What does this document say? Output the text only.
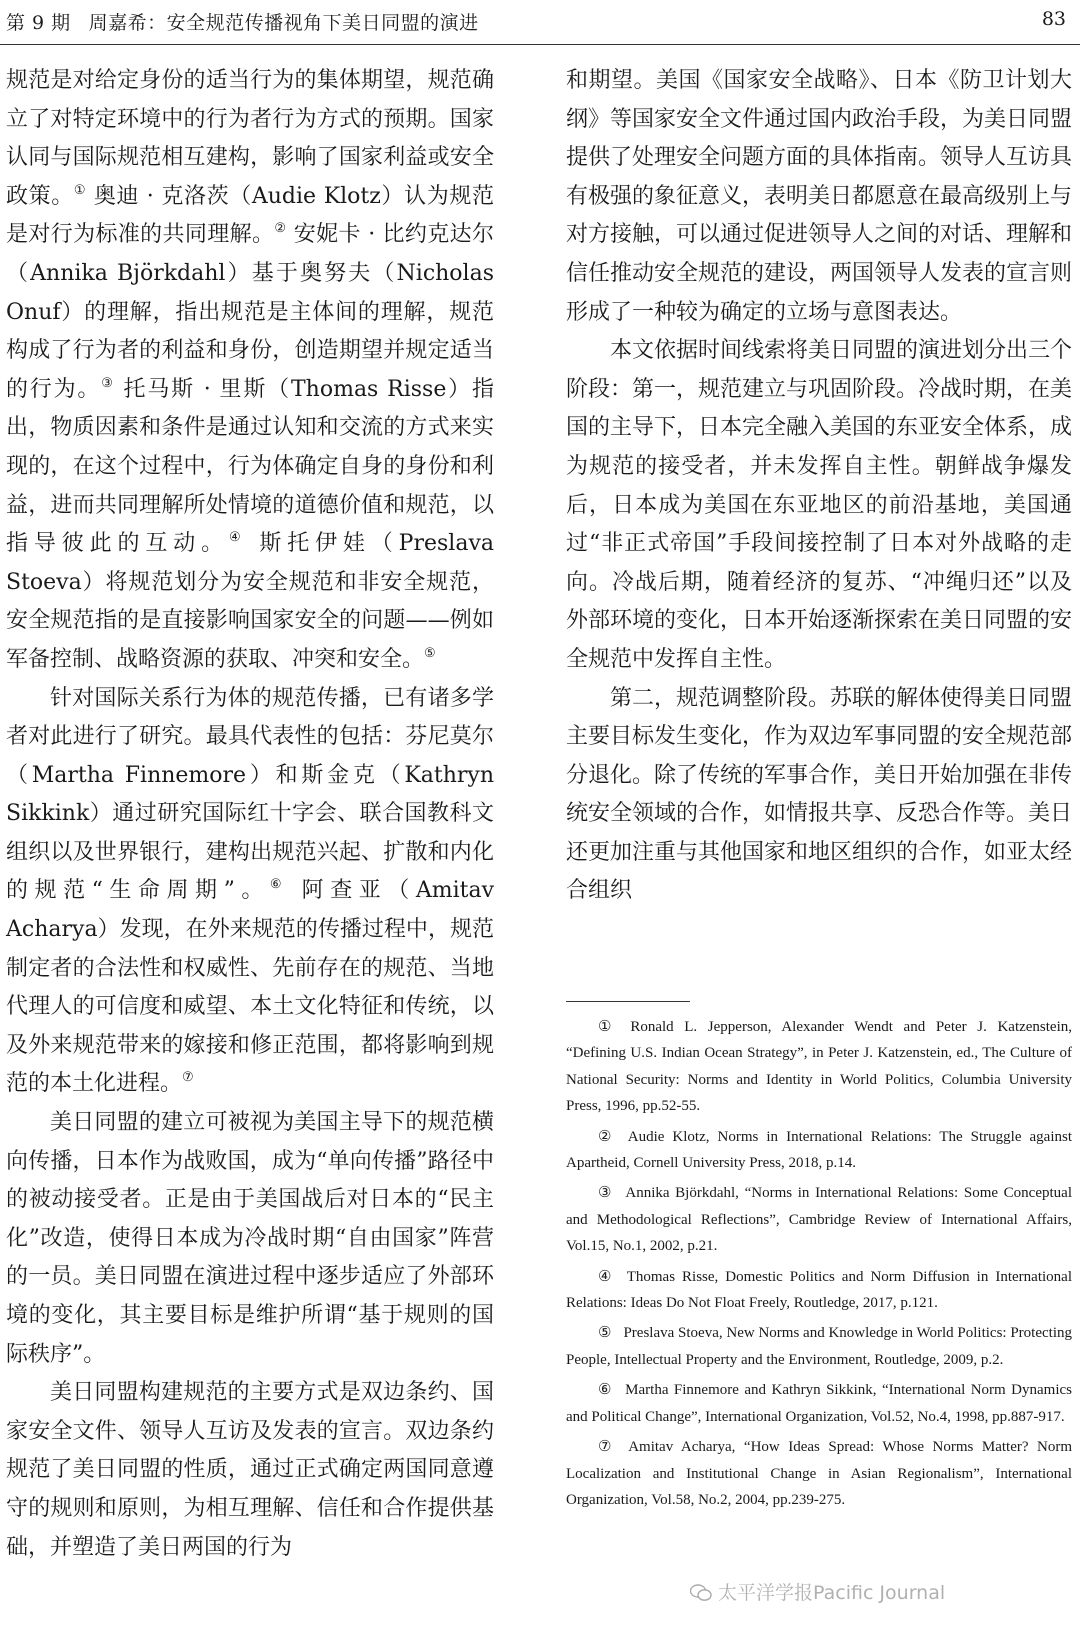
第 9 期 周嘉希：安全规范传播视角下美日同盟的演进	83

规范是对给定身份的适当行为的集体期望，规范确立了对特定环境中的行为者行为方式的预期。国家认同与国际规范相互建构，影响了国家利益或安全政策。① 奥迪 · 克洛茨（Audie Klotz）认为规范是对行为标准的共同理解。② 安妮卡 · 比约克达尔（Annika Björkdahl）基于奥努夫（Nicholas Onuf）的理解，指出规范是主体间的理解，规范构成了行为者的利益和身份，创造期望并规定适当的行为。③ 托马斯 · 里斯（Thomas Risse）指出，物质因素和条件是通过认知和交流的方式来实现的，在这个过程中，行为体确定自身的身份和利益，进而共同理解所处情境的道德价值和规范，以指导彼此的互动。④ 斯托伊娃（Preslava Stoeva）将规范划分为安全规范和非安全规范，安全规范指的是直接影响国家安全的问题——例如军备控制、战略资源的获取、冲突和安全。⑤

针对国际关系行为体的规范传播，已有诸多学者对此进行了研究。最具代表性的包括：芬尼莫尔（Martha Finnemore）和斯金克（Kathryn Sikkink）通过研究国际红十字会、联合国教科文组织以及世界银行，建构出规范兴起、扩散和内化的规范“生命周期”。⑥ 阿查亚（Amitav Acharya）发现，在外来规范的传播过程中，规范制定者的合法性和权威性、先前存在的规范、当地代理人的可信度和威望、本土文化特征和传统，以及外来规范带来的嫁接和修正范围，都将影响到规范的本土化进程。⑦

美日同盟的建立可被视为美国主导下的规范横向传播，日本作为战败国，成为“单向传播”路径中的被动接受者。正是由于美国战后对日本的“民主化”改造，使得日本成为冷战时期“自由国家”阵营的一员。美日同盟在演进过程中逐步适应了外部环境的变化，其主要目标是维护所谓“基于规则的国际秩序”。

美日同盟构建规范的主要方式是双边条约、国家安全文件、领导人互访及发表的宣言。双边条约规范了美日同盟的性质，通过正式确定两国同意遵守的规则和原则，为相互理解、信任和合作提供基础，并塑造了美日两国的行为

和期望。美国《国家安全战略》、日本《防卫计划大纲》等国家安全文件通过国内政治手段，为美日同盟提供了处理安全问题方面的具体指南。领导人互访具有极强的象征意义，表明美日都愿意在最高级别上与对方接触，可以通过促进领导人之间的对话、理解和信任推动安全规范的建设，两国领导人发表的宣言则形成了一种较为确定的立场与意图表达。

本文依据时间线索将美日同盟的演进划分出三个阶段：第一，规范建立与巩固阶段。冷战时期，在美国的主导下，日本完全融入美国的东亚安全体系，成为规范的接受者，并未发挥自主性。朝鲜战争爆发后，日本成为美国在东亚地区的前沿基地，美国通过“非正式帝国”手段间接控制了日本对外战略的走向。冷战后期，随着经济的复苏、“冲绳归还”以及外部环境的变化，日本开始逐渐探索在美日同盟的安全规范中发挥自主性。

第二，规范调整阶段。苏联的解体使得美日同盟主要目标发生变化，作为双边军事同盟的安全规范部分退化。除了传统的军事合作，美日开始加强在非传统安全领域的合作，如情报共享、反恐合作等。美日还更加注重与其他国家和地区组织的合作，如亚太经合组织

① Ronald L. Jepperson, Alexander Wendt and Peter J. Katzenstein, “Defining U.S. Indian Ocean Strategy”, in Peter J. Katzenstein, ed., The Culture of National Security: Norms and Identity in World Politics, Columbia University Press, 1996, pp.52-55.

② Audie Klotz, Norms in International Relations: The Struggle against Apartheid, Cornell University Press, 2018, p.14.

③ Annika Björkdahl, “Norms in International Relations: Some Conceptual and Methodological Reflections”, Cambridge Review of International Affairs, Vol.15, No.1, 2002, p.21.

④ Thomas Risse, Domestic Politics and Norm Diffusion in International Relations: Ideas Do Not Float Freely, Routledge, 2017, p.121.

⑤ Preslava Stoeva, New Norms and Knowledge in World Politics: Protecting People, Intellectual Property and the Environment, Routledge, 2009, p.2.

⑥ Martha Finnemore and Kathryn Sikkink, “International Norm Dynamics and Political Change”, International Organization, Vol.52, No.4, 1998, pp.887-917.

⑦ Amitav Acharya, “How Ideas Spread: Whose Norms Matter? Norm Localization and Institutional Change in Asian Regionalism”, International Organization, Vol.58, No.2, 2004, pp.239-275.

太平洋学报Pacific Journal
